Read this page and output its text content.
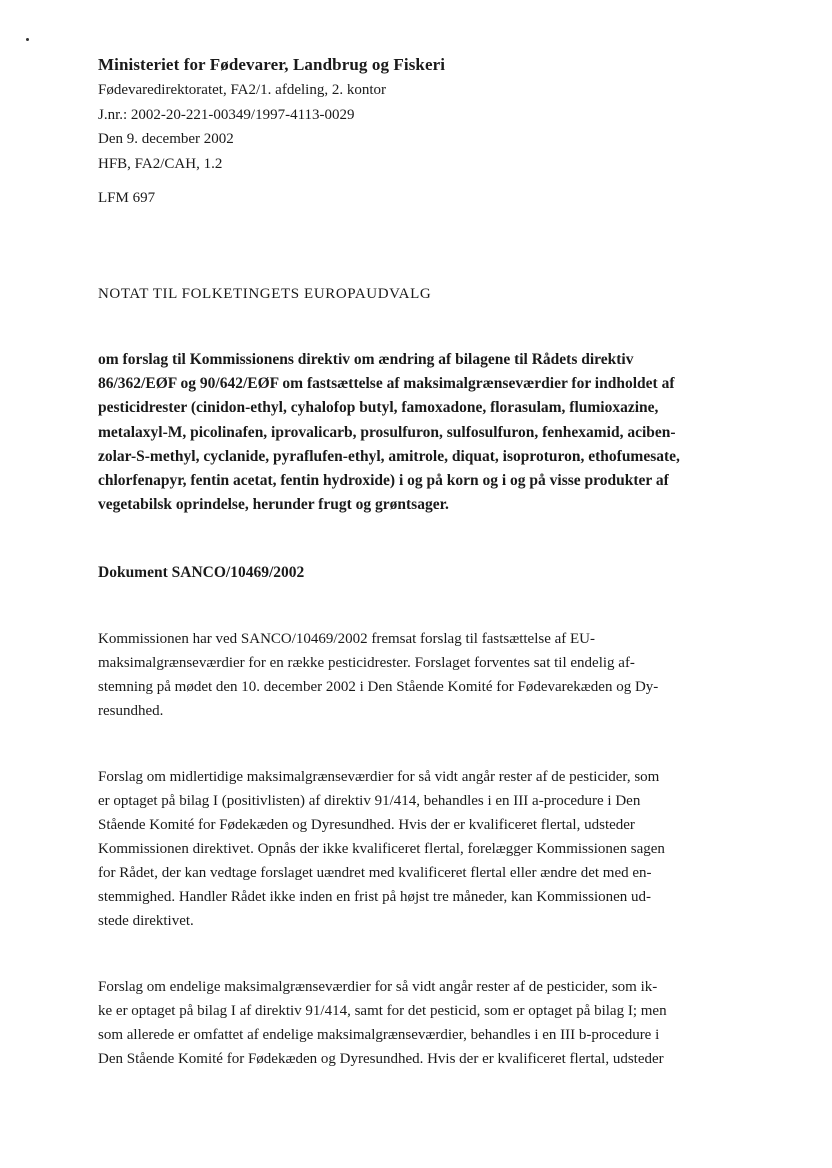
Ministeriet for Fødevarer, Landbrug og Fiskeri

Fødevaredirektoratet, FA2/1. afdeling, 2. kontor

J.nr.: 2002-20-221-00349/1997-4113-0029

Den 9. december 2002

HFB, FA2/CAH, 1.2

LFM 697

NOTAT TIL FOLKETINGETS EUROPAUDVALG
om forslag til Kommissionens direktiv om ændring af bilagene til Rådets direktiv
86/362/EØF og 90/642/EØF om fastsættelse af maksimalgrænseværdier for indholdet af
pesticidrester (cinidon-ethyl, cyhalofop butyl, famoxadone, florasulam, flumioxazine,
metalaxyl-M, picolinafen, iprovalicarb, prosulfuron, sulfosulfuron, fenhexamid, aciben-
zolar-S-methyl, cyclanide, pyraflufen-ethyl, amitrole, diquat, isoproturon, ethofumesate,
chlorfenapyr, fentin acetat, fentin hydroxide) i og på korn og i og på visse produkter af
vegetabilsk oprindelse, herunder frugt og grøntsager.
Dokument SANCO/10469/2002
Kommissionen har ved SANCO/10469/2002 fremsat forslag til fastsættelse af EU-
maksimalgrænseværdier for en række pesticidrester. Forslaget forventes sat til endelig af-
stemning på mødet den 10. december 2002 i Den Stående Komité for Fødevarekæden og Dy-
resundhed.
Forslag om midlertidige maksimalgrænseværdier for så vidt angår rester af de pesticider, som
er optaget på bilag I (positivlisten) af direktiv 91/414, behandles i en III a-procedure i Den
Stående Komité for Fødekæden og Dyresundhed. Hvis der er kvalificeret flertal, udsteder
Kommissionen direktivet. Opnås der ikke kvalificeret flertal, forelægger Kommissionen sagen
for Rådet, der kan vedtage forslaget uændret med kvalificeret flertal eller ændre det med en-
stemmighed. Handler Rådet ikke inden en frist på højst tre måneder, kan Kommissionen ud-
stede direktivet.
Forslag om endelige maksimalgrænseværdier for så vidt angår rester af de pesticider, som ik-
ke er optaget på bilag I af direktiv 91/414, samt for det pesticid, som er optaget på bilag I; men
som allerede er omfattet af endelige maksimalgrænseværdier, behandles i en III b-procedure i
Den Stående Komité for Fødekæden og Dyresundhed. Hvis der er kvalificeret flertal, udsteder
